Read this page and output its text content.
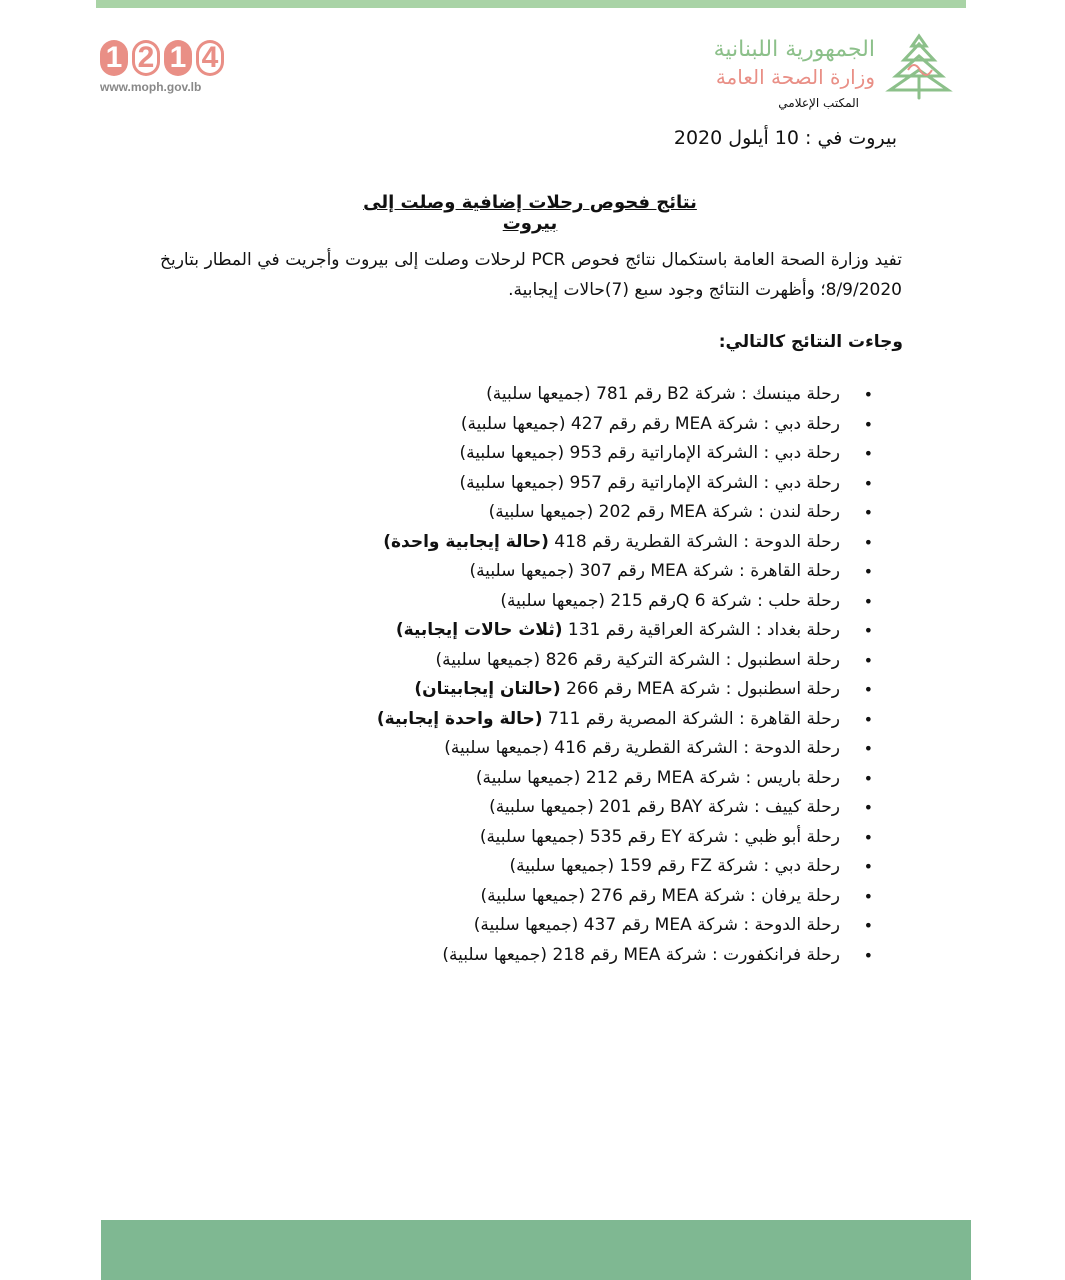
1 2 1 4
www.moph.gov.lb
الجمهورية اللبنانية
وزارة الصحة العامة
المكتب الإعلامي
بيروت في : 10 أيلول 2020
نتائج فحوص رحلات إضافية وصلت إلى بيروت
تفيد وزارة الصحة العامة باستكمال نتائج فحوص PCR لرحلات وصلت إلى بيروت وأجريت في المطار بتاريخ 8/9/2020؛ وأظهرت النتائج وجود سبع (7)حالات إيجابية.
وجاءت النتائج كالتالي:
•
رحلة مينسك : شركة B2 رقم 781 (جميعها سلبية)
•
رحلة دبي : شركة MEA رقم رقم 427 (جميعها سلبية)
•
رحلة دبي : الشركة الإماراتية رقم 953 (جميعها سلبية)
•
رحلة دبي : الشركة الإماراتية رقم 957 (جميعها سلبية)
•
رحلة لندن : شركة MEA رقم 202 (جميعها سلبية)
•
رحلة الدوحة : الشركة القطرية رقم 418 (حالة إيجابية واحدة)
•
رحلة القاهرة : شركة MEA رقم 307 (جميعها سلبية)
•
رحلة حلب : شركة 6 Qرقم 215 (جميعها سلبية)
•
رحلة بغداد : الشركة العراقية رقم 131 (ثلاث حالات إيجابية)
•
رحلة اسطنبول : الشركة التركية رقم 826 (جميعها سلبية)
•
رحلة اسطنبول : شركة MEA رقم 266 (حالتان إيجابيتان)
•
رحلة القاهرة : الشركة المصرية رقم 711 (حالة واحدة إيجابية)
•
رحلة الدوحة : الشركة القطرية رقم 416 (جميعها سلبية)
•
رحلة باريس : شركة MEA رقم 212 (جميعها سلبية)
•
رحلة كييف : شركة BAY رقم 201 (جميعها سلبية)
•
رحلة أبو ظبي : شركة EY رقم 535 (جميعها سلبية)
•
رحلة دبي : شركة FZ رقم 159 (جميعها سلبية)
•
رحلة يرفان : شركة MEA رقم 276 (جميعها سلبية)
•
رحلة الدوحة : شركة MEA رقم 437 (جميعها سلبية)
•
رحلة فرانكفورت : شركة MEA رقم 218 (جميعها سلبية)
